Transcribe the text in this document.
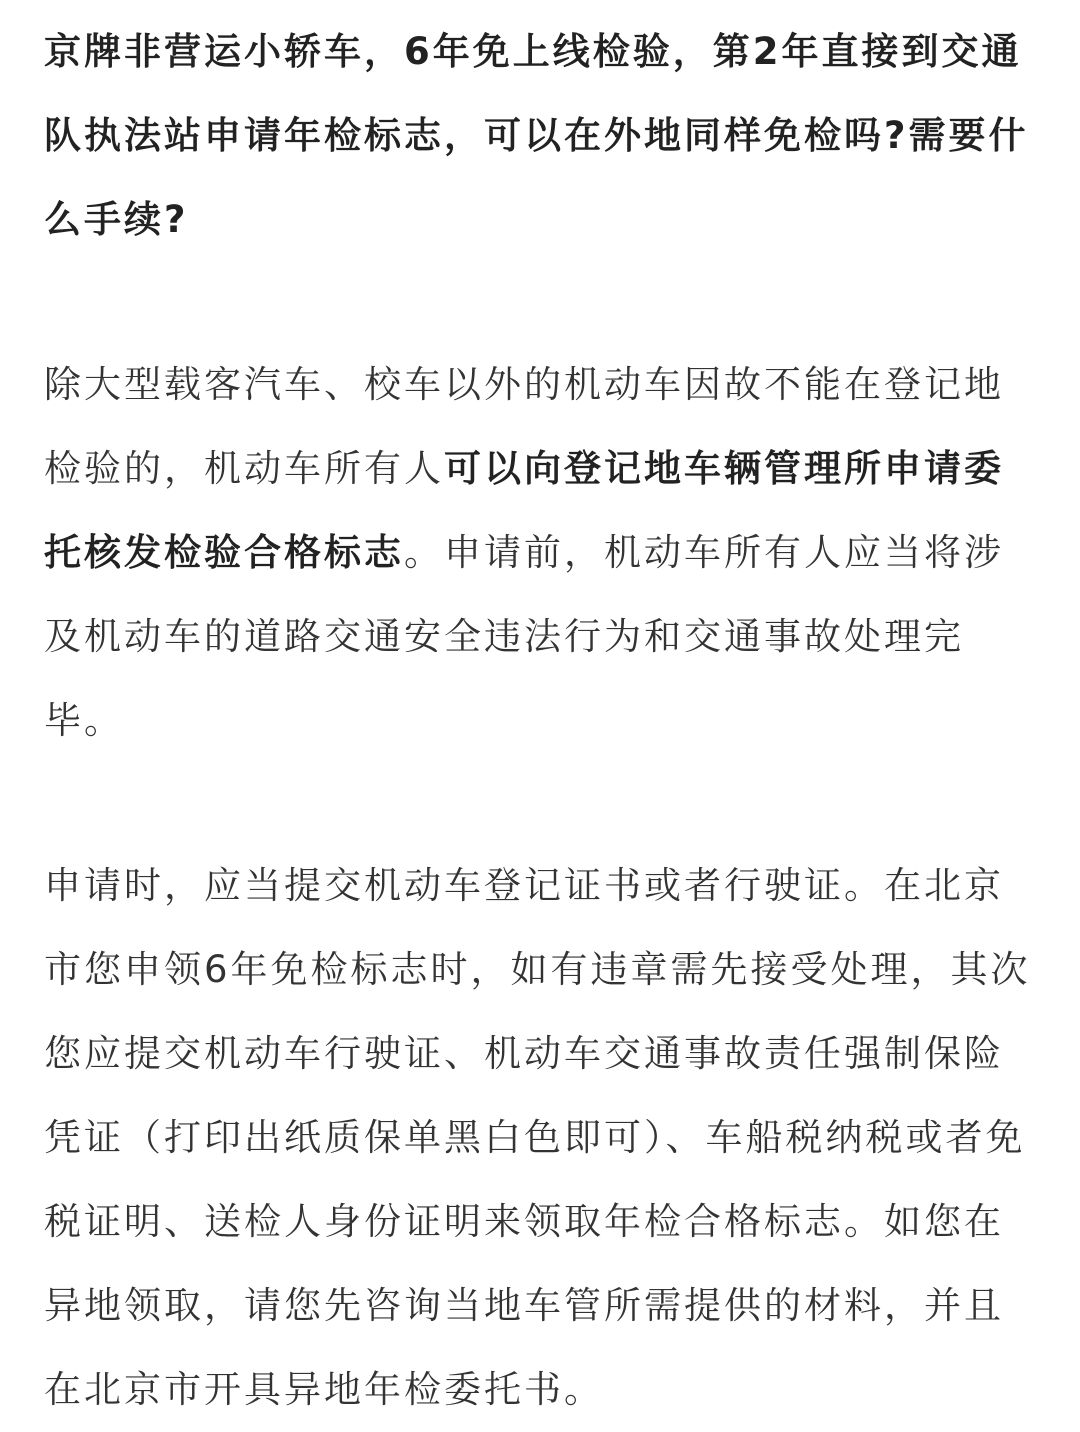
京牌非营运小轿车，6年免上线检验，第2年直接到交通队执法站申请年检标志，可以在外地同样免检吗?需要什么手续?

除大型载客汽车、校车以外的机动车因故不能在登记地检验的，机动车所有人可以向登记地车辆管理所申请委托核发检验合格标志。申请前，机动车所有人应当将涉及机动车的道路交通安全违法行为和交通事故处理完毕。

申请时，应当提交机动车登记证书或者行驶证。在北京市您申领6年免检标志时，如有违章需先接受处理，其次您应提交机动车行驶证、机动车交通事故责任强制保险凭证（打印出纸质保单黑白色即可）、车船税纳税或者免税证明、送检人身份证明来领取年检合格标志。如您在异地领取，请您先咨询当地车管所需提供的材料，并且在北京市开具异地年检委托书。
